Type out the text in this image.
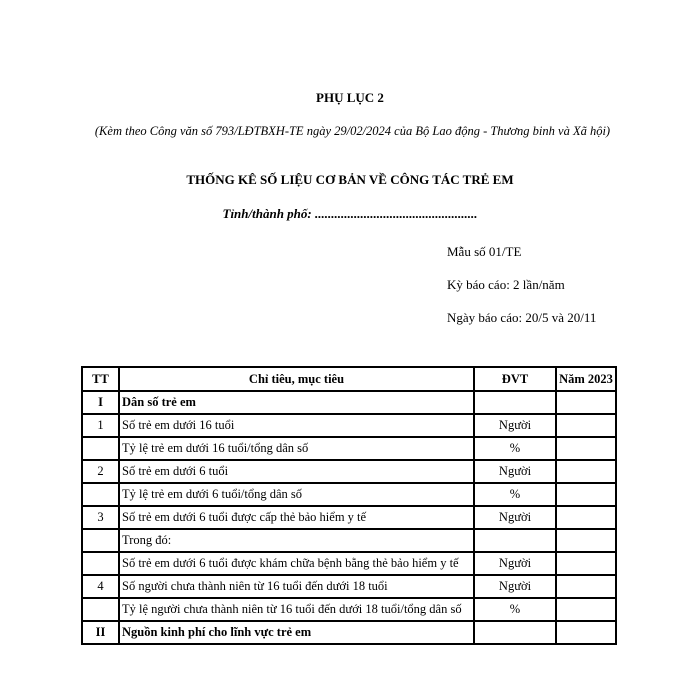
PHỤ LỤC 2
(Kèm theo Công văn số 793/LĐTBXH-TE ngày 29/02/2024 của Bộ Lao động - Thương binh và Xã hội)
THỐNG KÊ SỐ LIỆU CƠ BẢN VỀ CÔNG TÁC TRẺ EM
Tỉnh/thành phố: ..................................................
Mẫu số 01/TE
Kỳ báo cáo: 2 lần/năm
Ngày báo cáo: 20/5 và 20/11
TT	Chỉ tiêu, mục tiêu	ĐVT	Năm 2023
I	Dân số trẻ em		
1	Số trẻ em dưới 16 tuổi	Người	
	Tỷ lệ trẻ em dưới 16 tuổi/tổng dân số	%	
2	Số trẻ em dưới 6 tuổi	Người	
	Tỷ lệ trẻ em dưới 6 tuổi/tổng dân số	%	
3	Số trẻ em dưới 6 tuổi được cấp thẻ bảo hiểm y tế	Người	
	Trong đó:		
	Số trẻ em dưới 6 tuổi được khám chữa bệnh bằng thẻ bảo hiểm y tế	Người	
4	Số người chưa thành niên từ 16 tuổi đến dưới 18 tuổi	Người	
	Tỷ lệ người chưa thành niên từ 16 tuổi đến dưới 18 tuổi/tổng dân số	%	
II	Nguồn kinh phí cho lĩnh vực trẻ em		
